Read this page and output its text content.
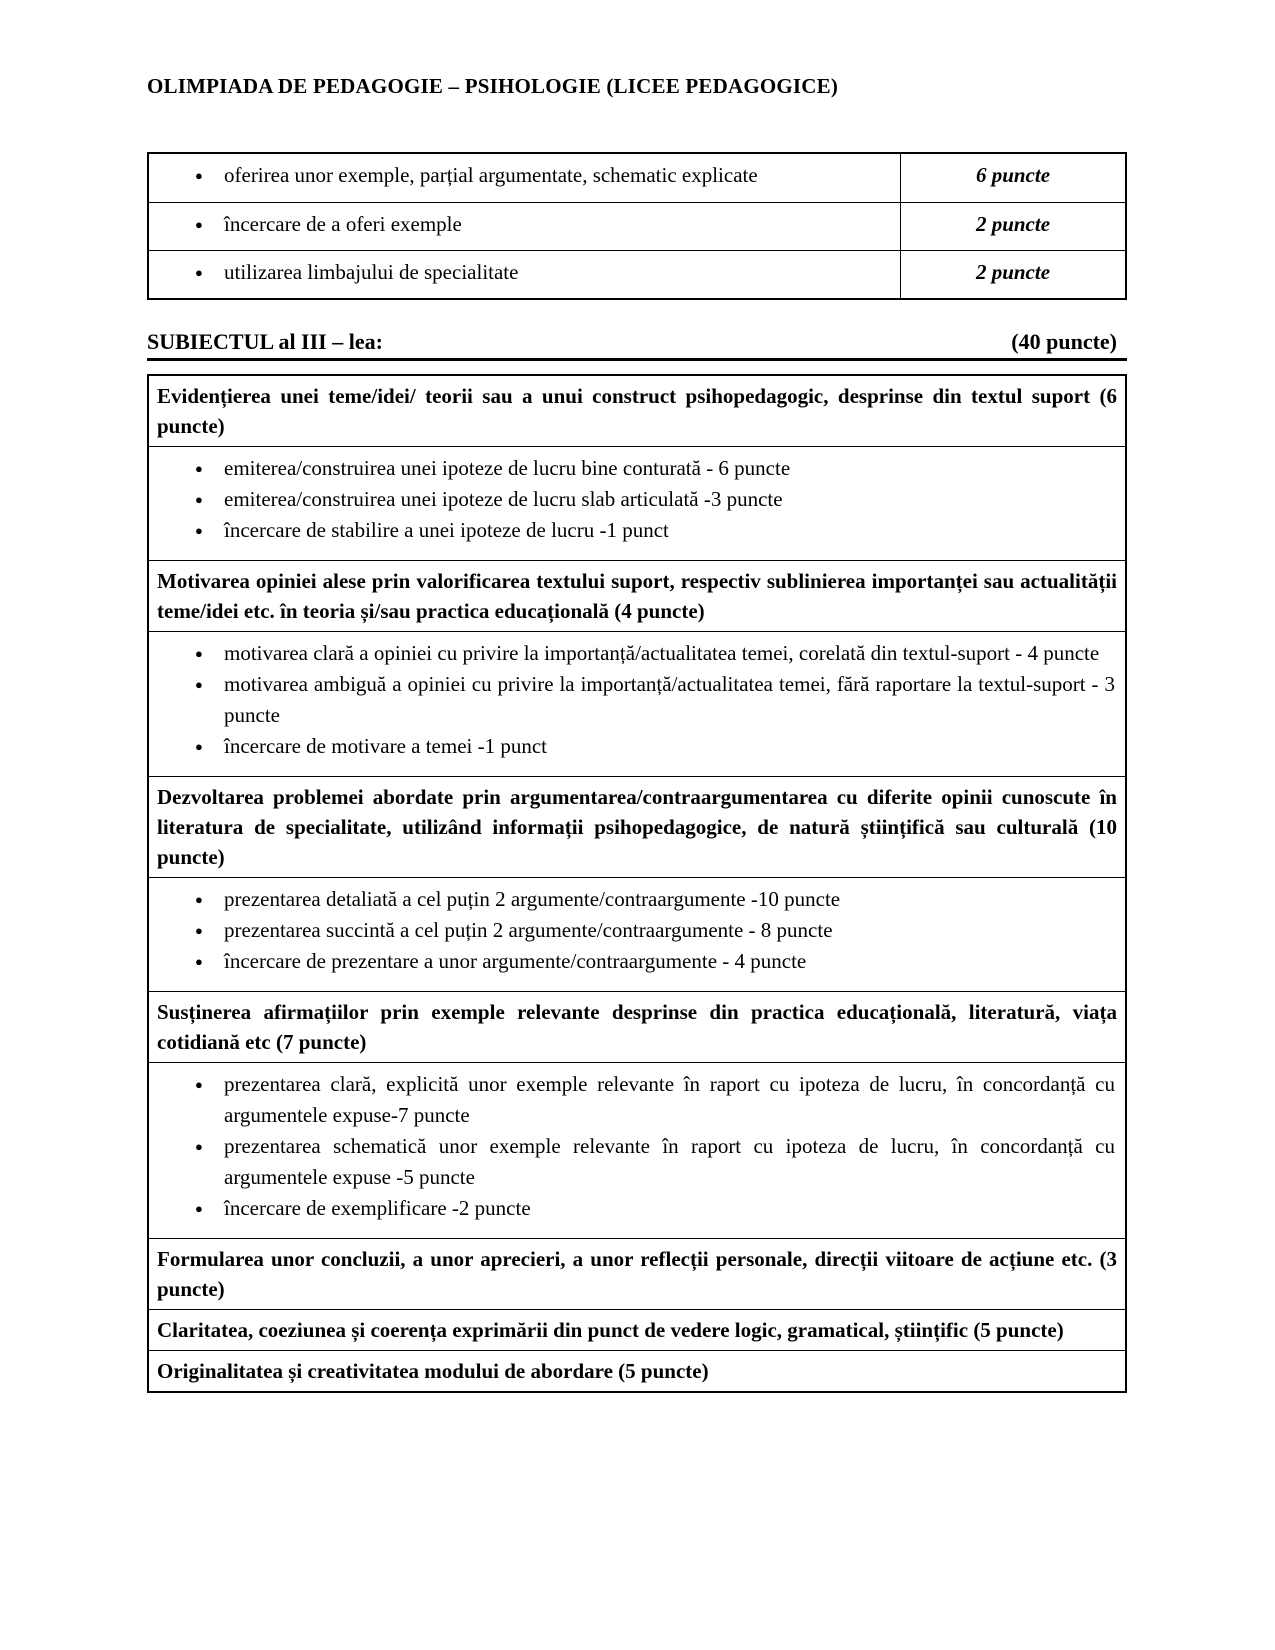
OLIMPIADA DE PEDAGOGIE – PSIHOLOGIE (LICEE PEDAGOGICE)
●	oferirea unor exemple, parțial argumentate, schematic explicate	6 puncte
●	încercare de a oferi exemple	2 puncte
●	utilizarea limbajului de specialitate	2 puncte
SUBIECTUL al III – lea:	(40 puncte)
Evidențierea unei teme/idei/ teorii sau a unui construct psihopedagogic, desprinse din textul suport (6 puncte)
●	emiterea/construirea unei ipoteze de lucru bine conturată - 6 puncte
●	emiterea/construirea unei ipoteze de lucru slab articulată -3 puncte
●	încercare de stabilire a unei ipoteze de lucru -1 punct
Motivarea opiniei alese prin valorificarea textului suport, respectiv sublinierea importanței sau actualității teme/idei etc. în teoria și/sau practica educațională (4 puncte)
●	motivarea clară a opiniei cu privire la importanță/actualitatea temei, corelată din textul-suport - 4 puncte
●	motivarea ambiguă a opiniei cu privire la importanță/actualitatea temei, fără raportare la textul-suport - 3 puncte
●	încercare de motivare a temei -1 punct
Dezvoltarea problemei abordate prin argumentarea/contraargumentarea cu diferite opinii cunoscute în literatura de specialitate, utilizând informații psihopedagogice, de natură științifică sau culturală (10 puncte)
●	prezentarea detaliată a cel puțin 2 argumente/contraargumente -10 puncte
●	prezentarea succintă a cel puțin 2 argumente/contraargumente - 8 puncte
●	încercare de prezentare a unor argumente/contraargumente - 4 puncte
Susținerea afirmațiilor prin exemple relevante desprinse din practica educațională, literatură, viața cotidiană etc (7 puncte)
●	prezentarea clară, explicită unor exemple relevante în raport cu ipoteza de lucru, în concordanță cu argumentele expuse-7 puncte
●	prezentarea schematică unor exemple relevante în raport cu ipoteza de lucru, în concordanță cu argumentele expuse -5 puncte
●	încercare de exemplificare -2 puncte
Formularea unor concluzii, a unor aprecieri, a unor reflecții personale, direcții viitoare de acțiune etc. (3 puncte)
Claritatea, coeziunea și coerența exprimării din punct de vedere logic, gramatical, științific (5 puncte)
Originalitatea și creativitatea modului de abordare (5 puncte)
